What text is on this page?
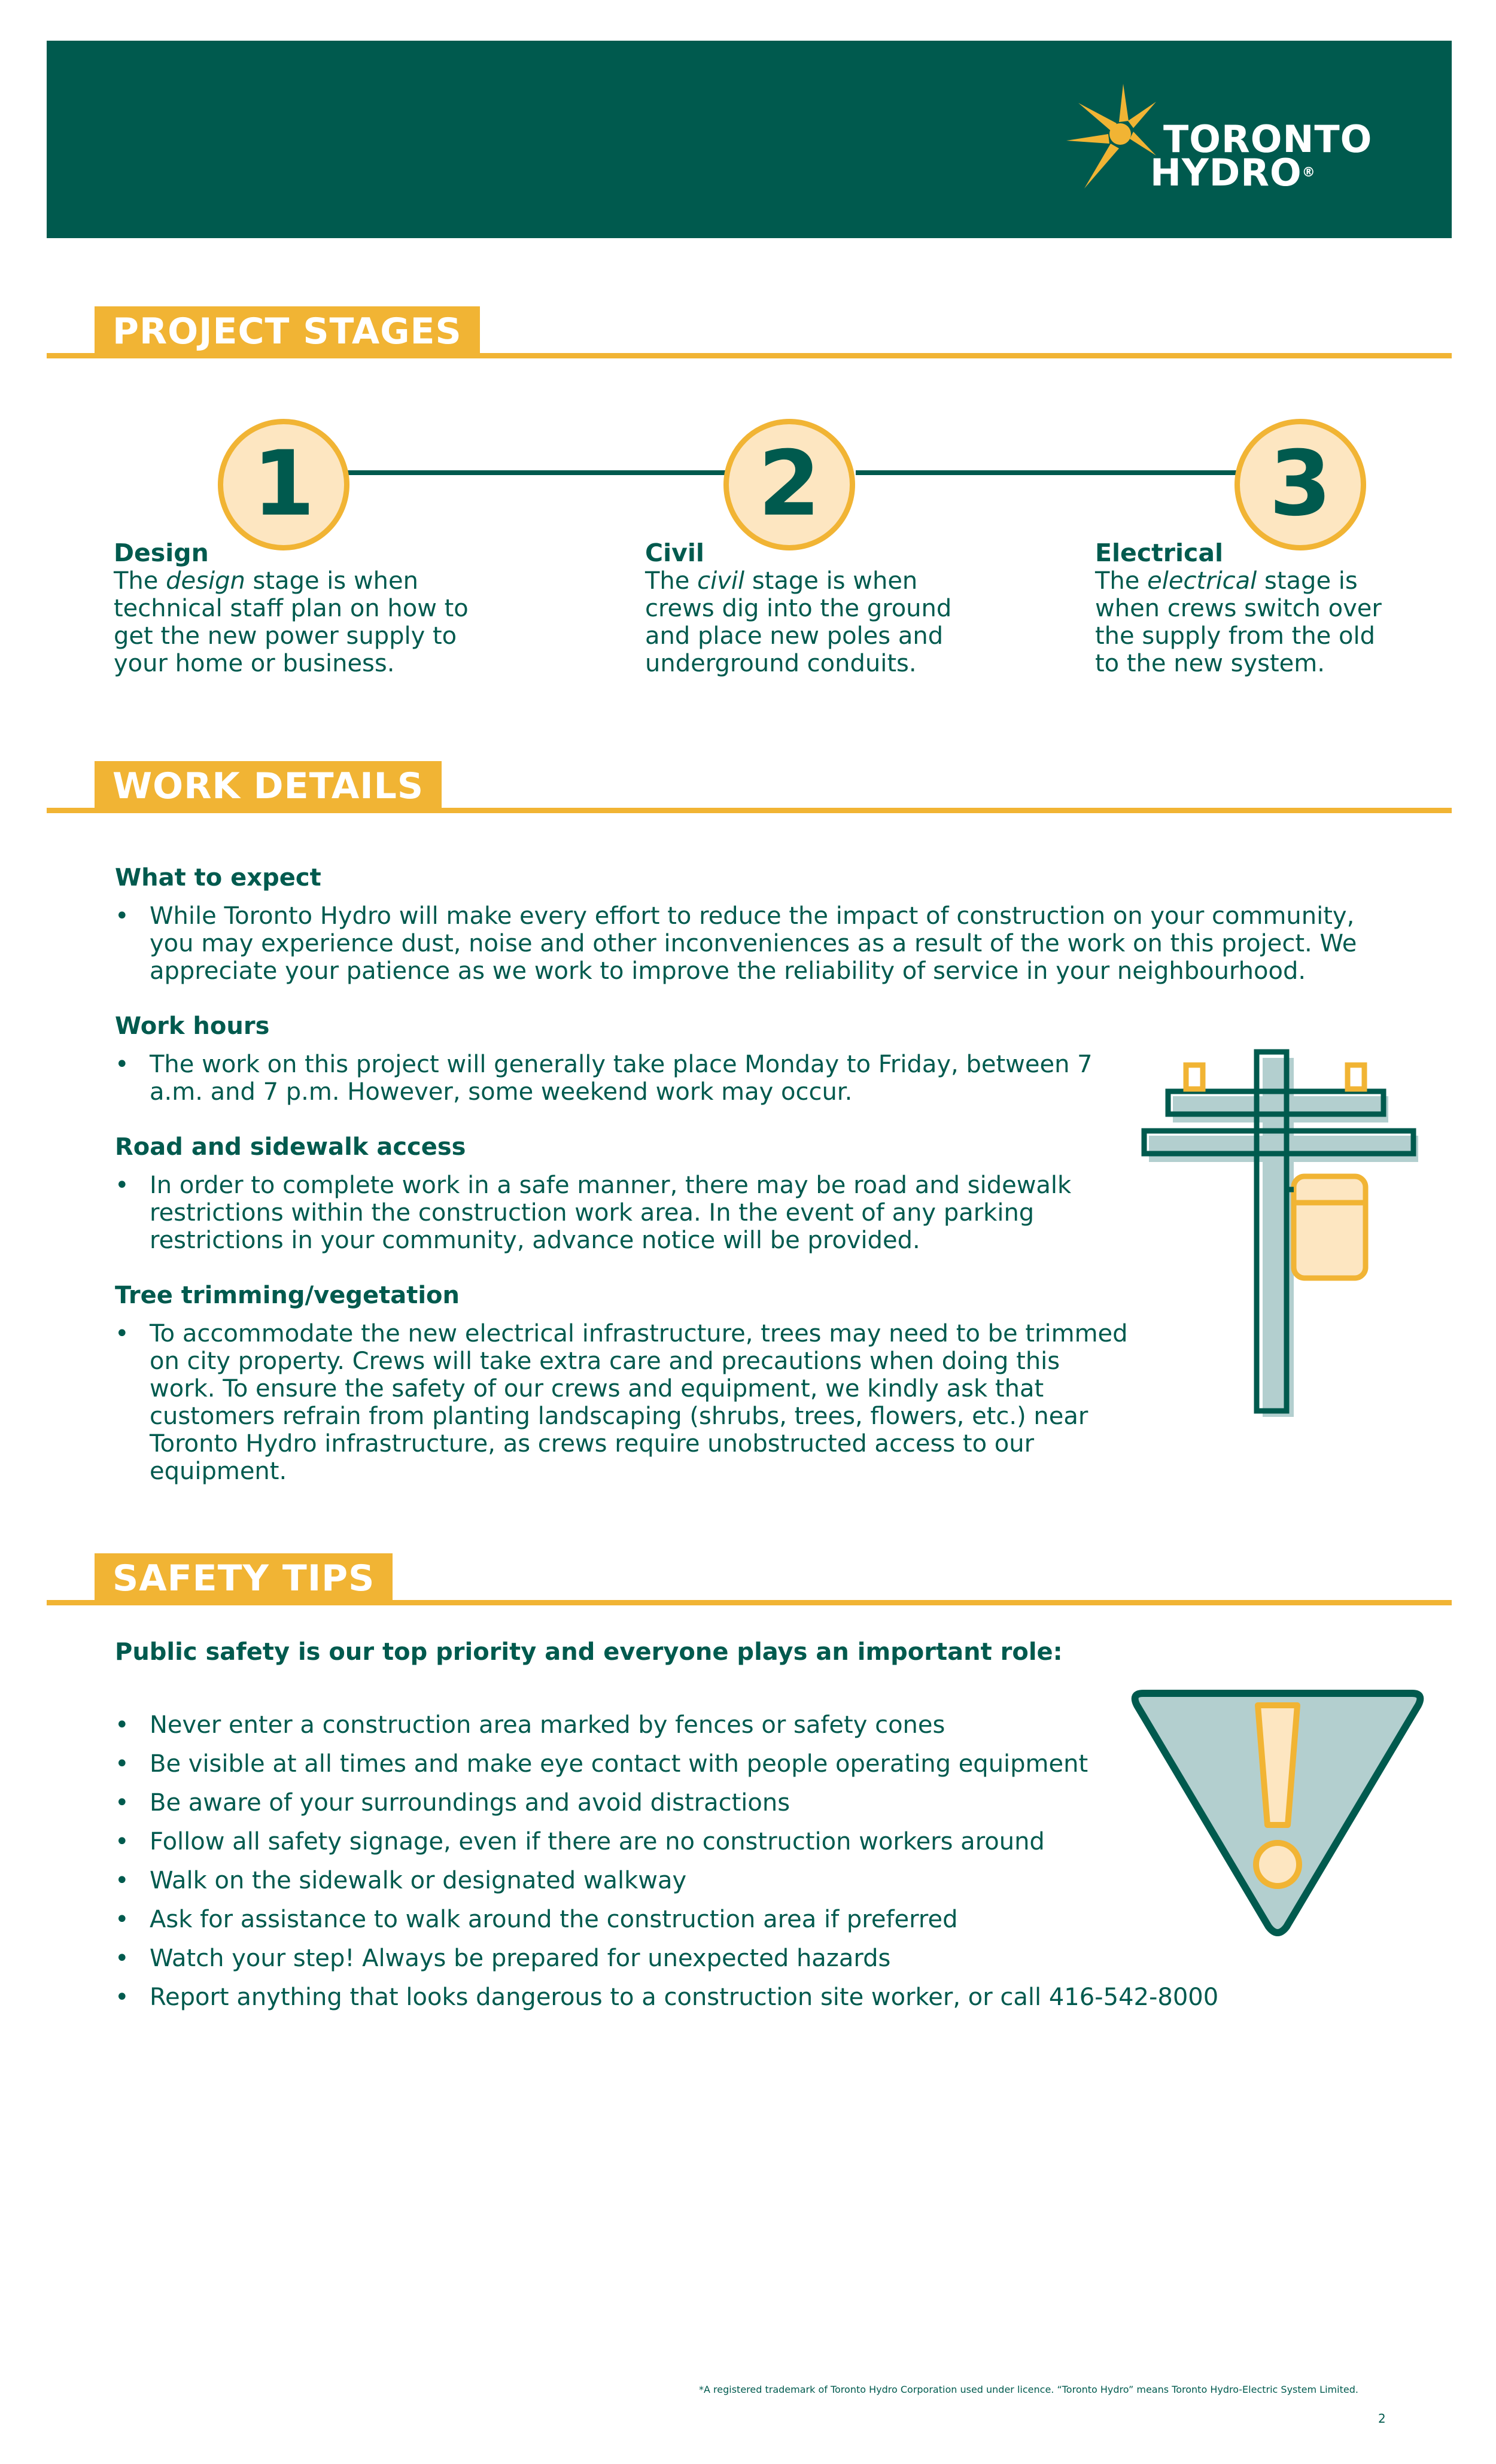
TORONTO
HYDRO®
PROJECT STAGES
1	2	3
Design
The design stage is when technical staff plan on how to get the new power supply to your home or business.
Civil
The civil stage is when crews dig into the ground and place new poles and underground conduits.
Electrical
The electrical stage is when crews switch over the supply from the old to the new system.
WORK DETAILS
What to expect
• While Toronto Hydro will make every effort to reduce the impact of construction on your community, you may experience dust, noise and other inconveniences as a result of the work on this project. We appreciate your patience as we work to improve the reliability of service in your neighbourhood.
Work hours
• The work on this project will generally take place Monday to Friday, between 7 a.m. and 7 p.m. However, some weekend work may occur.
Road and sidewalk access
• In order to complete work in a safe manner, there may be road and sidewalk restrictions within the construction work area. In the event of any parking restrictions in your community, advance notice will be provided.
Tree trimming/vegetation
• To accommodate the new electrical infrastructure, trees may need to be trimmed on city property. Crews will take extra care and precautions when doing this work. To ensure the safety of our crews and equipment, we kindly ask that customers refrain from planting landscaping (shrubs, trees, flowers, etc.) near Toronto Hydro infrastructure, as crews require unobstructed access to our equipment.
SAFETY TIPS
Public safety is our top priority and everyone plays an important role:
• Never enter a construction area marked by fences or safety cones
• Be visible at all times and make eye contact with people operating equipment
• Be aware of your surroundings and avoid distractions
• Follow all safety signage, even if there are no construction workers around
• Walk on the sidewalk or designated walkway
• Ask for assistance to walk around the construction area if preferred
• Watch your step! Always be prepared for unexpected hazards
• Report anything that looks dangerous to a construction site worker, or call 416-542-8000
*A registered trademark of Toronto Hydro Corporation used under licence. “Toronto Hydro” means Toronto Hydro-Electric System Limited.
2
